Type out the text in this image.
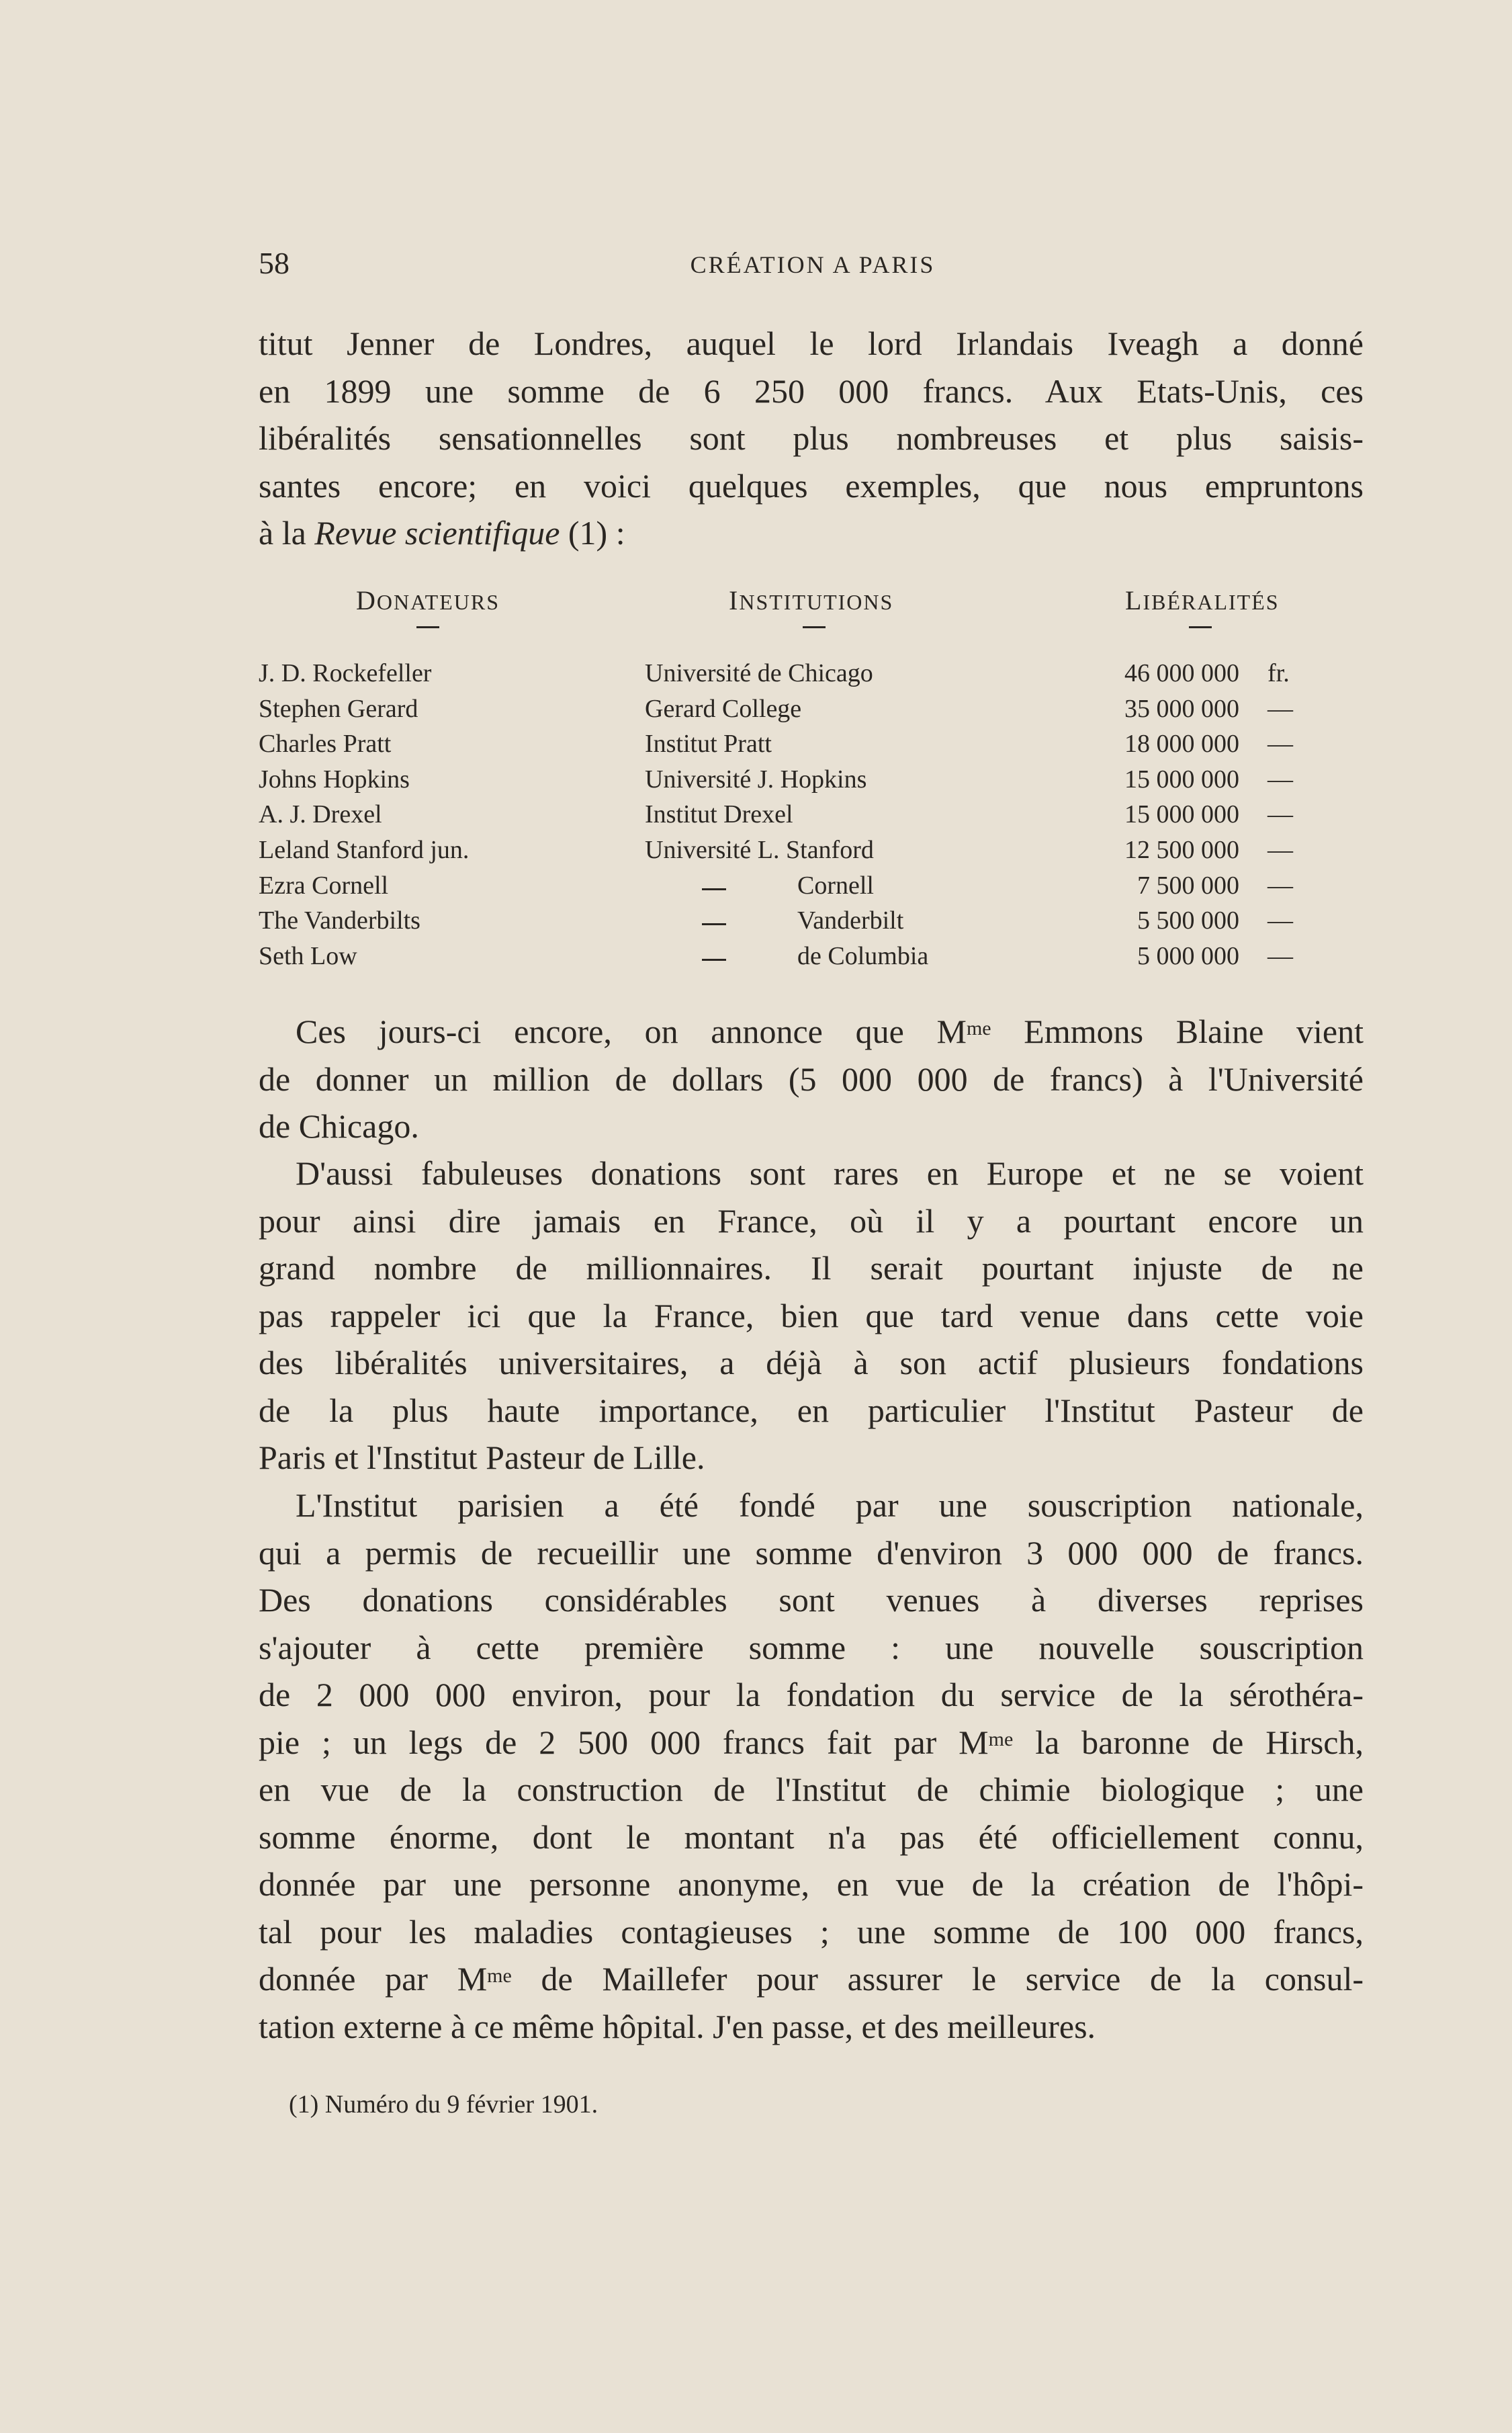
58	CRÉATION A PARIS

titut Jenner de Londres, auquel le lord Irlandais Iveagh a donné
en 1899 une somme de 6 250 000 francs. Aux Etats-Unis, ces
libéralités sensationnelles sont plus nombreuses et plus saisis-
santes encore; en voici quelques exemples, que nous empruntons
à la Revue scientifique (1) :

DONATEURS	INSTITUTIONS	LIBÉRALITÉS
J. D. Rockefeller	Université de Chicago	46 000 000 fr.
Stephen Gerard	Gerard College	35 000 000 —
Charles Pratt	Institut Pratt	18 000 000 —
Johns Hopkins	Université J. Hopkins	15 000 000 —
A. J. Drexel	Institut Drexel	15 000 000 —
Leland Stanford jun.	Université L. Stanford	12 500 000 —
Ezra Cornell	Cornell	7 500 000 —
The Vanderbilts	Vanderbilt	5 500 000 —
Seth Low	de Columbia	5 000 000 —

Ces jours-ci encore, on annonce que $M^{me}$ Emmons Blaine vient
de donner un million de dollars (5 000 000 de francs) à l'Université
de Chicago.

D'aussi fabuleuses donations sont rares en Europe et ne se voient
pour ainsi dire jamais en France, où il y a pourtant encore un
grand nombre de millionnaires. Il serait pourtant injuste de ne
pas rappeler ici que la France, bien que tard venue dans cette voie
des libéralités universitaires, a déjà à son actif plusieurs fondations
de la plus haute importance, en particulier l'Institut Pasteur de
Paris et l'Institut Pasteur de Lille.

L'Institut parisien a été fondé par une souscription nationale,
qui a permis de recueillir une somme d'environ 3 000 000 de francs.
Des donations considérables sont venues à diverses reprises
s'ajouter à cette première somme : une nouvelle souscription
de 2 000 000 environ, pour la fondation du service de la sérothéra-
pie ; un legs de 2 500 000 francs fait par $M^{me}$ la baronne de Hirsch,
en vue de la construction de l'Institut de chimie biologique ; une
somme énorme, dont le montant n'a pas été officiellement connu,
donnée par une personne anonyme, en vue de la création de l'hôpi-
tal pour les maladies contagieuses ; une somme de 100 000 francs,
donnée par $M^{me}$ de Maillefer pour assurer le service de la consul-
tation externe à ce même hôpital. J'en passe, et des meilleures.

(1) Numéro du 9 février 1901.
